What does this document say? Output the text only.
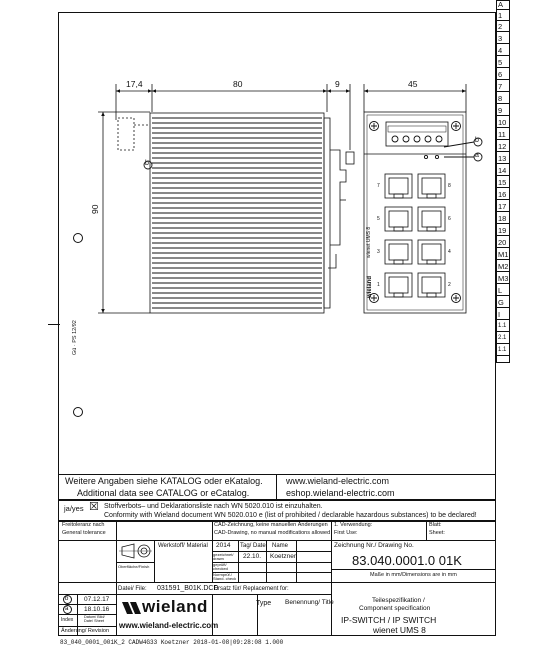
A
1
2
3
4
5
6
7
8
9
10
11
12
13
14
15
16
17
18
19
20
M1
M2
M3
L
G
I
1.1
2.1
1.1
17,4	80	9	45
90
b
b
a
Gü · PS 12/92
7
5
3
1
8
6
4
2
wieland
wienet UMS 8
Weitere Angaben siehe KATALOG oder eKatalog.
Additional data see CATALOG or eCatalog.
www.wieland-electric.com
eshop.wieland-electric.com
ja/yes ☒ Stoffverbots– und Deklarationsliste nach WN 5020.010 ist einzuhalten.
Conformity with Wieland document WN 5020.010 e (list of prohibited / declarable hazardous substances) to be declared!
Freitoleranz nach
General tolerance
CAD-Zeichnung, keine manuellen Änderungen
CAD-Drawing, no manual modifications allowed
1. Verwendung:
First Use:
Blatt:
Sheet:
Oberfläche/Finish
Werkstoff/ Material 2014 Tag/ Date Name
gezeichnet/ drawn
geprüft/ checked
Normprüf./ Stand. check
22.10. Koetzner
Zeichnung Nr./ Drawing No.
83.040.0001.0 01K
Maße in mm/Dimensions are in mm
Datei/ File: 031591_B01K.DCD
Ersatz für/ Replacement for:
b 07.12.17
a 18.10.16
Index	Datum/ Bild/ Date/ Sheet
Änderung/ Revision
wieland
www.wieland-electric.com
Type Benennung/ Title	Teilespezifikation /
Component specification
IP-SWITCH / IP SWITCH
wienet UMS 8
83_040_0001_001K_2 CADW4G33 Koetzner 2018-01-08|09:28:08 1.000
